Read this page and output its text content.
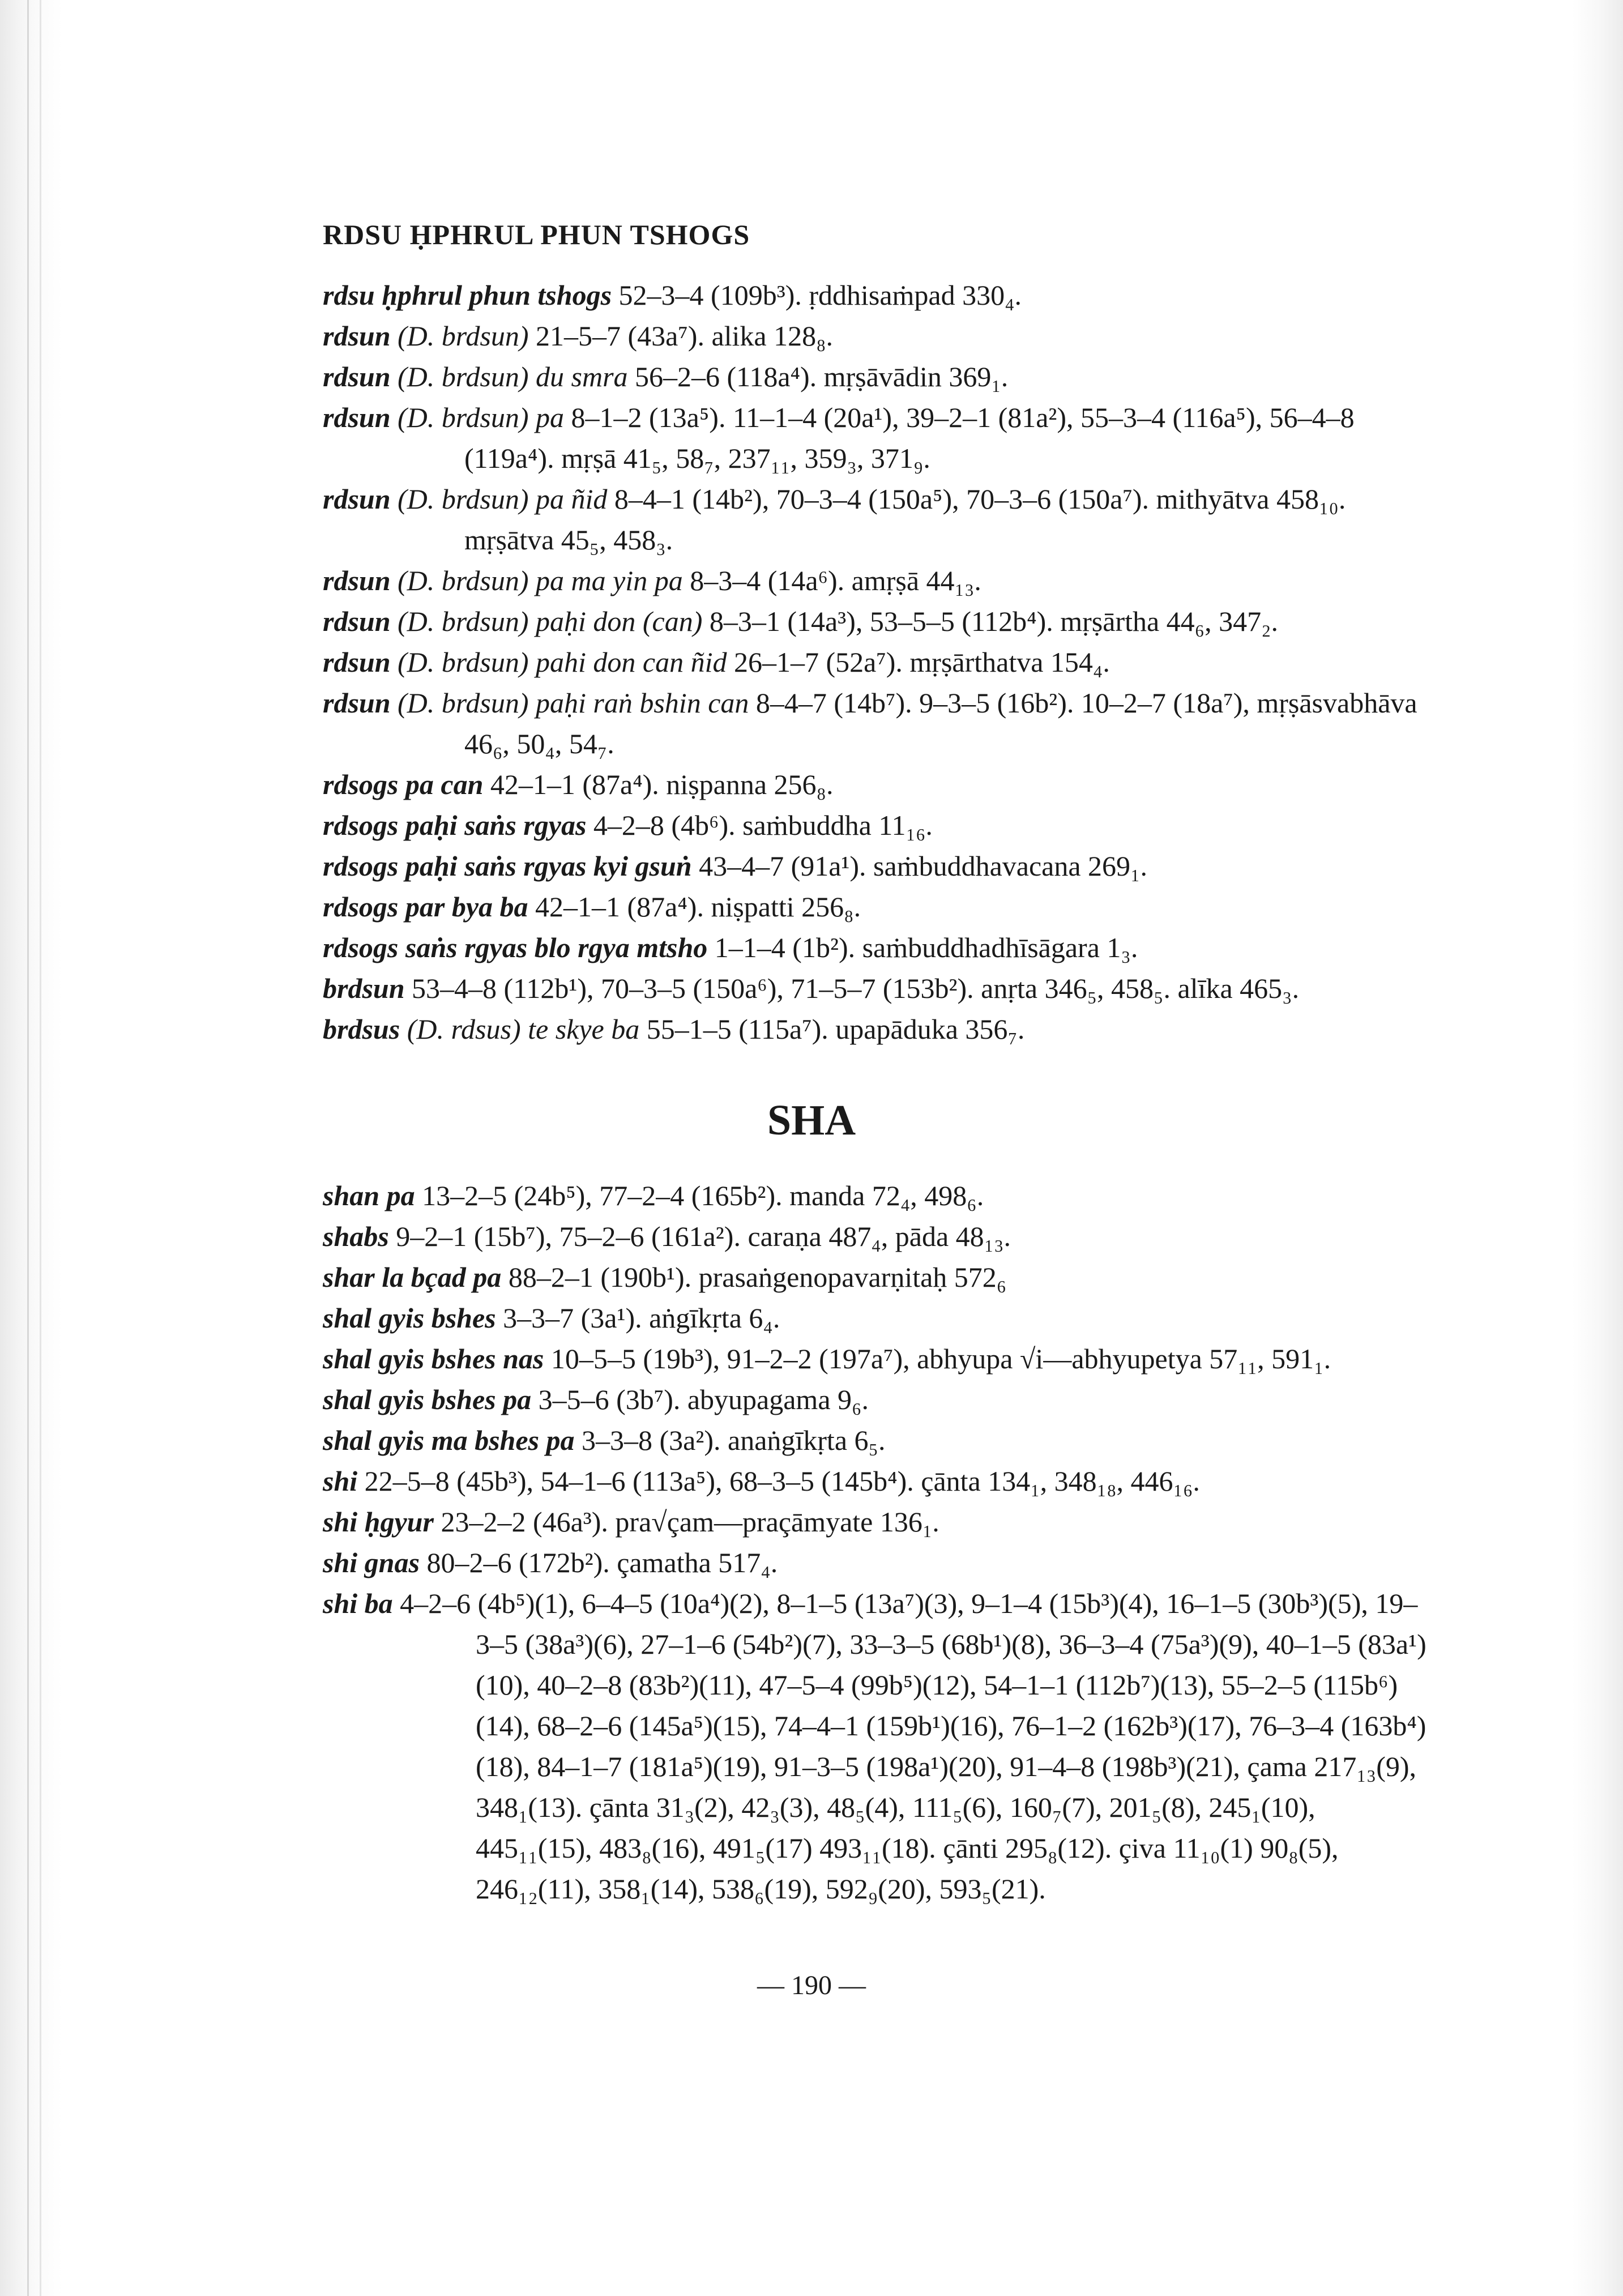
RDSU ḤPHRUL PHUN TSHOGS
rdsu ḥphrul phun tshogs 52–3–4 (109b³). ṛddhisaṁpad 330₄.
rdsun (D. brdsun) 21–5–7 (43a⁷). alika 128₈.
rdsun (D. brdsun) du smra 56–2–6 (118a⁴). mṛṣāvādin 369₁.
rdsun (D. brdsun) pa 8–1–2 (13a⁵). 11–1–4 (20a¹), 39–2–1 (81a²), 55–3–4 (116a⁵), 56–4–8 (119a⁴). mṛṣā 41₅, 58₇, 237₁₁, 359₃, 371₉.
rdsun (D. brdsun) pa ñid 8–4–1 (14b²), 70–3–4 (150a⁵), 70–3–6 (150a⁷). mithyātva 458₁₀. mṛṣātva 45₅, 458₃.
rdsun (D. brdsun) pa ma yin pa 8–3–4 (14a⁶). amṛṣā 44₁₃.
rdsun (D. brdsun) paḥi don (can) 8–3–1 (14a³), 53–5–5 (112b⁴). mṛṣārtha 44₆, 347₂.
rdsun (D. brdsun) pahi don can ñid 26–1–7 (52a⁷). mṛṣārthatva 154₄.
rdsun (D. brdsun) paḥi raṅ bshin can 8–4–7 (14b⁷). 9–3–5 (16b²). 10–2–7 (18a⁷), mṛṣāsvabhāva 46₆, 50₄, 54₇.
rdsogs pa can 42–1–1 (87a⁴). niṣpanna 256₈.
rdsogs paḥi saṅs rgyas 4–2–8 (4b⁶). saṁbuddha 11₁₆.
rdsogs paḥi saṅs rgyas kyi gsuṅ 43–4–7 (91a¹). saṁbuddhavacana 269₁.
rdsogs par bya ba 42–1–1 (87a⁴). niṣpatti 256₈.
rdsogs saṅs rgyas blo rgya mtsho 1–1–4 (1b²). saṁbuddhadhīsāgara 1₃.
brdsun 53–4–8 (112b¹), 70–3–5 (150a⁶), 71–5–7 (153b²). anṛta 346₅, 458₅. alīka 465₃.
brdsus (D. rdsus) te skye ba 55–1–5 (115a⁷). upapāduka 356₇.
SHA
shan pa 13–2–5 (24b⁵), 77–2–4 (165b²). manda 72₄, 498₆.
shabs 9–2–1 (15b⁷), 75–2–6 (161a²). caraṇa 487₄, pāda 48₁₃.
shar la bçad pa 88–2–1 (190b¹). prasaṅgenopavarṇitaḥ 572₆
shal gyis bshes 3–3–7 (3a¹). aṅgīkṛta 6₄.
shal gyis bshes nas 10–5–5 (19b³), 91–2–2 (197a⁷), abhyupa √i—abhyupetya 57₁₁, 591₁.
shal gyis bshes pa 3–5–6 (3b⁷). abyupagama 9₆.
shal gyis ma bshes pa 3–3–8 (3a²). anaṅgīkṛta 6₅.
shi 22–5–8 (45b³), 54–1–6 (113a⁵), 68–3–5 (145b⁴). çānta 134₁, 348₁₈, 446₁₆.
shi ḥgyur 23–2–2 (46a³). pra√çam—praçāmyate 136₁.
shi gnas 80–2–6 (172b²). çamatha 517₄.
shi ba 4–2–6 (4b⁵)(1), 6–4–5 (10a⁴)(2), 8–1–5 (13a⁷)(3), 9–1–4 (15b³)(4), 16–1–5 (30b³)(5), 19–3–5 (38a³)(6), 27–1–6 (54b²)(7), 33–3–5 (68b¹)(8), 36–3–4 (75a³)(9), 40–1–5 (83a¹)(10), 40–2–8 (83b²)(11), 47–5–4 (99b⁵)(12), 54–1–1 (112b⁷)(13), 55–2–5 (115b⁶)(14), 68–2–6 (145a⁵)(15), 74–4–1 (159b¹)(16), 76–1–2 (162b³)(17), 76–3–4 (163b⁴)(18), 84–1–7 (181a⁵)(19), 91–3–5 (198a¹)(20), 91–4–8 (198b³)(21), çama 217₁₃(9), 348₁(13). çānta 31₃(2), 42₃(3), 48₅(4), 111₅(6), 160₇(7), 201₅(8), 245₁(10), 445₁₁(15), 483₈(16), 491₅(17) 493₁₁(18). çānti 295₈(12). çiva 11₁₀(1) 90₈(5), 246₁₂(11), 358₁(14), 538₆(19), 592₉(20), 593₅(21).
— 190 —
